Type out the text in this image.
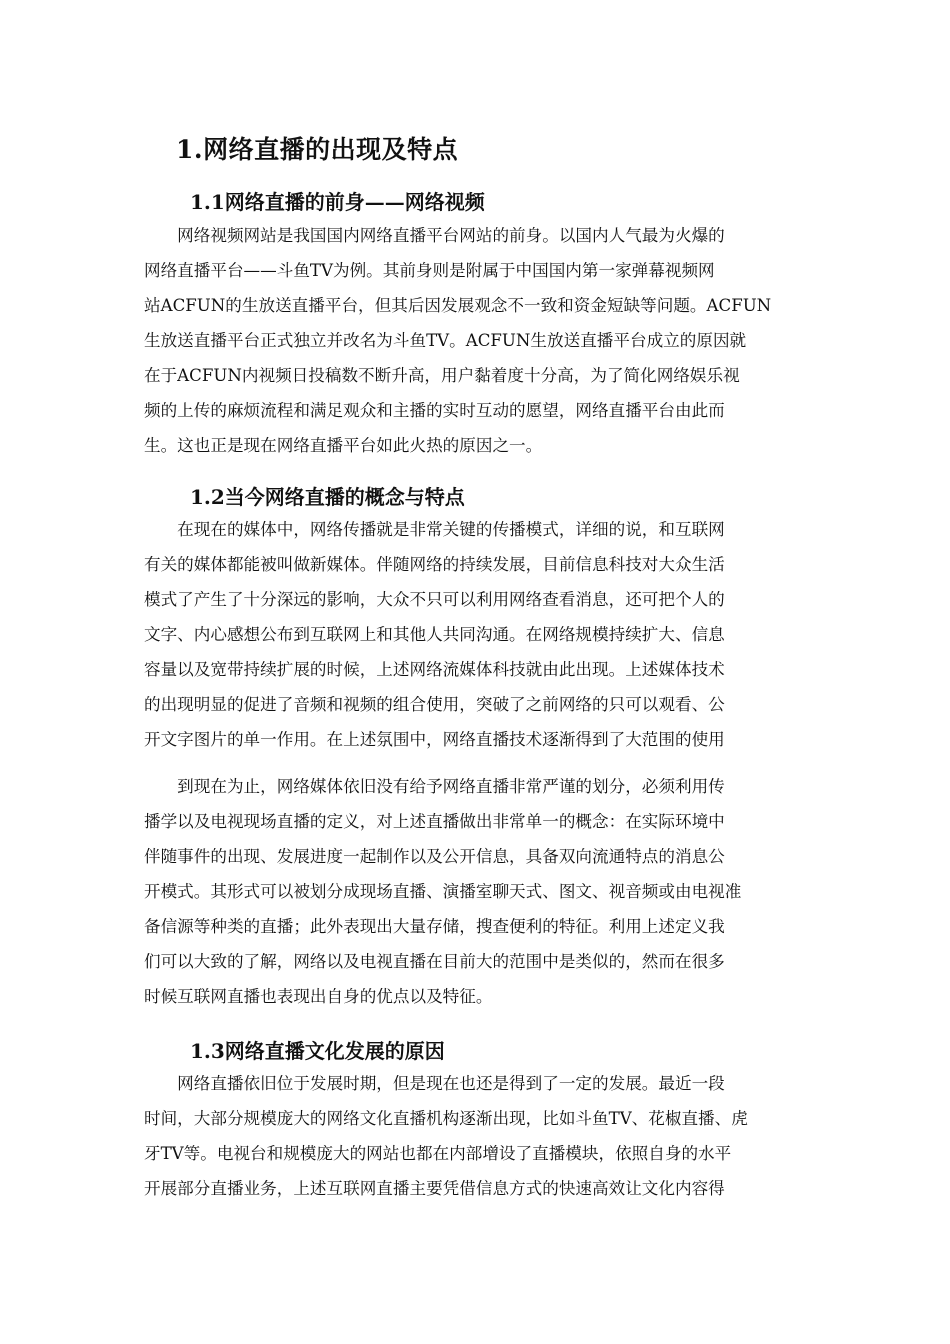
1.网络直播的出现及特点
1.1网络直播的前身——网络视频
　　网络视频网站是我国国内网络直播平台网站的前身。以国内人气最为火爆的
网络直播平台——斗鱼TV为例。其前身则是附属于中国国内第一家弹幕视频网
站ACFUN的生放送直播平台，但其后因发展观念不一致和资金短缺等问题。ACFUN
生放送直播平台正式独立并改名为斗鱼TV。ACFUN生放送直播平台成立的原因就
在于ACFUN内视频日投稿数不断升高，用户黏着度十分高，为了简化网络娱乐视
频的上传的麻烦流程和满足观众和主播的实时互动的愿望，网络直播平台由此而
生。这也正是现在网络直播平台如此火热的原因之一。
1.2当今网络直播的概念与特点
　　在现在的媒体中，网络传播就是非常关键的传播模式，详细的说，和互联网
有关的媒体都能被叫做新媒体。伴随网络的持续发展，目前信息科技对大众生活
模式了产生了十分深远的影响，大众不只可以利用网络查看消息，还可把个人的
文字、内心感想公布到互联网上和其他人共同沟通。在网络规模持续扩大、信息
容量以及宽带持续扩展的时候，上述网络流媒体科技就由此出现。上述媒体技术
的出现明显的促进了音频和视频的组合使用，突破了之前网络的只可以观看、公
开文字图片的单一作用。在上述氛围中，网络直播技术逐渐得到了大范围的使用
　　到现在为止，网络媒体依旧没有给予网络直播非常严谨的划分，必须利用传
播学以及电视现场直播的定义，对上述直播做出非常单一的概念：在实际环境中
伴随事件的出现、发展进度一起制作以及公开信息，具备双向流通特点的消息公
开模式。其形式可以被划分成现场直播、演播室聊天式、图文、视音频或由电视准
备信源等种类的直播；此外表现出大量存储，搜查便利的特征。利用上述定义我
们可以大致的了解，网络以及电视直播在目前大的范围中是类似的，然而在很多
时候互联网直播也表现出自身的优点以及特征。
1.3网络直播文化发展的原因
　　网络直播依旧位于发展时期，但是现在也还是得到了一定的发展。最近一段
时间，大部分规模庞大的网络文化直播机构逐渐出现，比如斗鱼TV、花椒直播、虎
牙TV等。电视台和规模庞大的网站也都在内部增设了直播模块，依照自身的水平
开展部分直播业务，上述互联网直播主要凭借信息方式的快速高效让文化内容得
